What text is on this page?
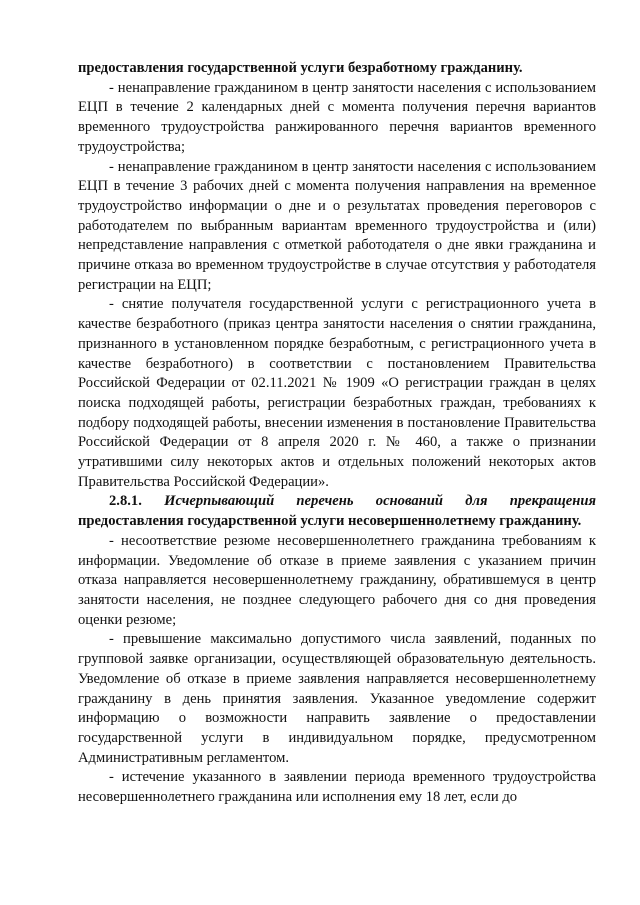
предоставления государственной услуги безработному гражданину.

- ненаправление гражданином в центр занятости населения с использованием ЕЦП в течение 2 календарных дней с момента получения перечня вариантов временного трудоустройства ранжированного перечня вариантов временного трудоустройства;

- ненаправление гражданином в центр занятости населения с использованием ЕЦП в течение 3 рабочих дней с момента получения направления на временное трудоустройство информации о дне и о результатах проведения переговоров с работодателем по выбранным вариантам временного трудоустройства и (или) непредставление направления с отметкой работодателя о дне явки гражданина и причине отказа во временном трудоустройстве в случае отсутствия у работодателя регистрации на ЕЦП;

- снятие получателя государственной услуги с регистрационного учета в качестве безработного (приказ центра занятости населения о снятии гражданина, признанного в установленном порядке безработным, с регистрационного учета в качестве безработного) в соответствии с постановлением Правительства Российской Федерации от 02.11.2021 № 1909 «О регистрации граждан в целях поиска подходящей работы, регистрации безработных граждан, требованиях к подбору подходящей работы, внесении изменения в постановление Правительства Российской Федерации от 8 апреля 2020 г. № 460, а также о признании утратившими силу некоторых актов и отдельных положений некоторых актов Правительства Российской Федерации».

2.8.1. Исчерпывающий перечень оснований для прекращения предоставления государственной услуги несовершеннолетнему гражданину.

- несоответствие резюме несовершеннолетнего гражданина требованиям к информации. Уведомление об отказе в приеме заявления с указанием причин отказа направляется несовершеннолетнему гражданину, обратившемуся в центр занятости населения, не позднее следующего рабочего дня со дня проведения оценки резюме;

- превышение максимально допустимого числа заявлений, поданных по групповой заявке организации, осуществляющей образовательную деятельность. Уведомление об отказе в приеме заявления направляется несовершеннолетнему гражданину в день принятия заявления. Указанное уведомление содержит информацию о возможности направить заявление о предоставлении государственной услуги в индивидуальном порядке, предусмотренном Административным регламентом.

- истечение указанного в заявлении периода временного трудоустройства несовершеннолетнего гражданина или исполнения ему 18 лет, если до
